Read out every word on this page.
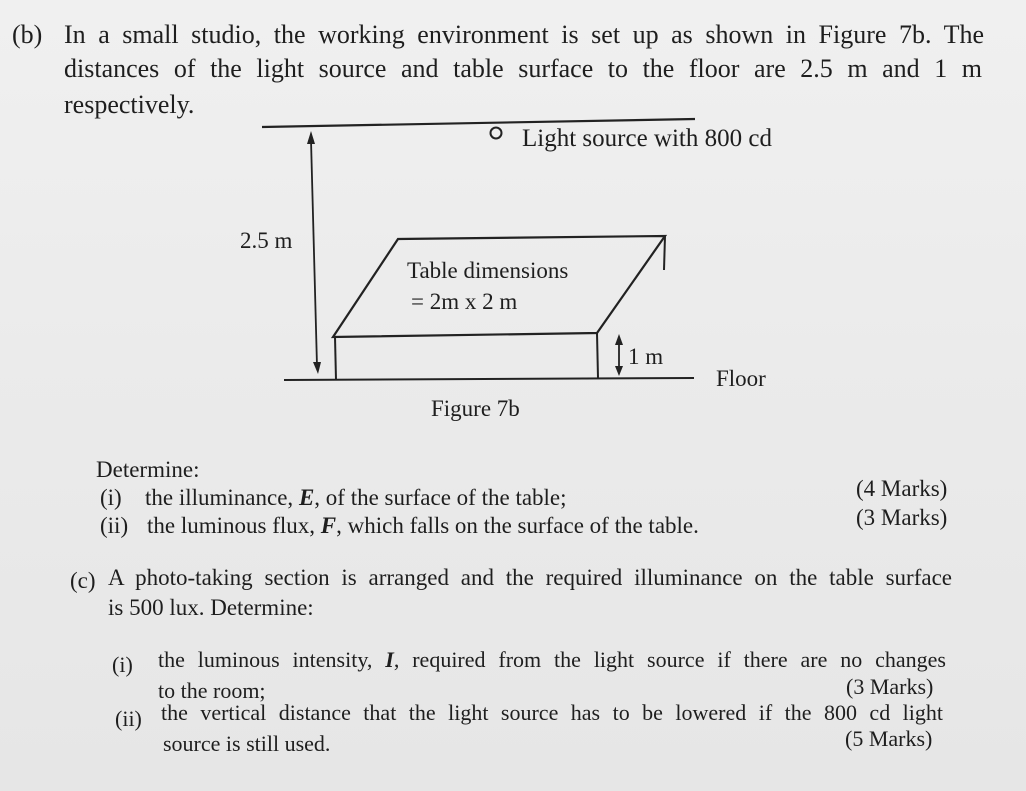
(b) In a small studio, the working environment is set up as shown in Figure 7b. The
distances of the light source and table surface to the floor are 2.5 m and 1 m
respectively.
Light source with 800 cd
2.5 m
Table dimensions
= 2m x 2 m
1 m
Floor
Figure 7b
Determine:
(i) the illuminance, E, of the surface of the table;	(4 Marks)
(ii) the luminous flux, F, which falls on the surface of the table.	(3 Marks)
(c) A photo-taking section is arranged and the required illuminance on the table surface
is 500 lux. Determine:
(i) the luminous intensity, I, required from the light source if there are no changes
to the room;	(3 Marks)
(ii) the vertical distance that the light source has to be lowered if the 800 cd light
source is still used.	(5 Marks)
